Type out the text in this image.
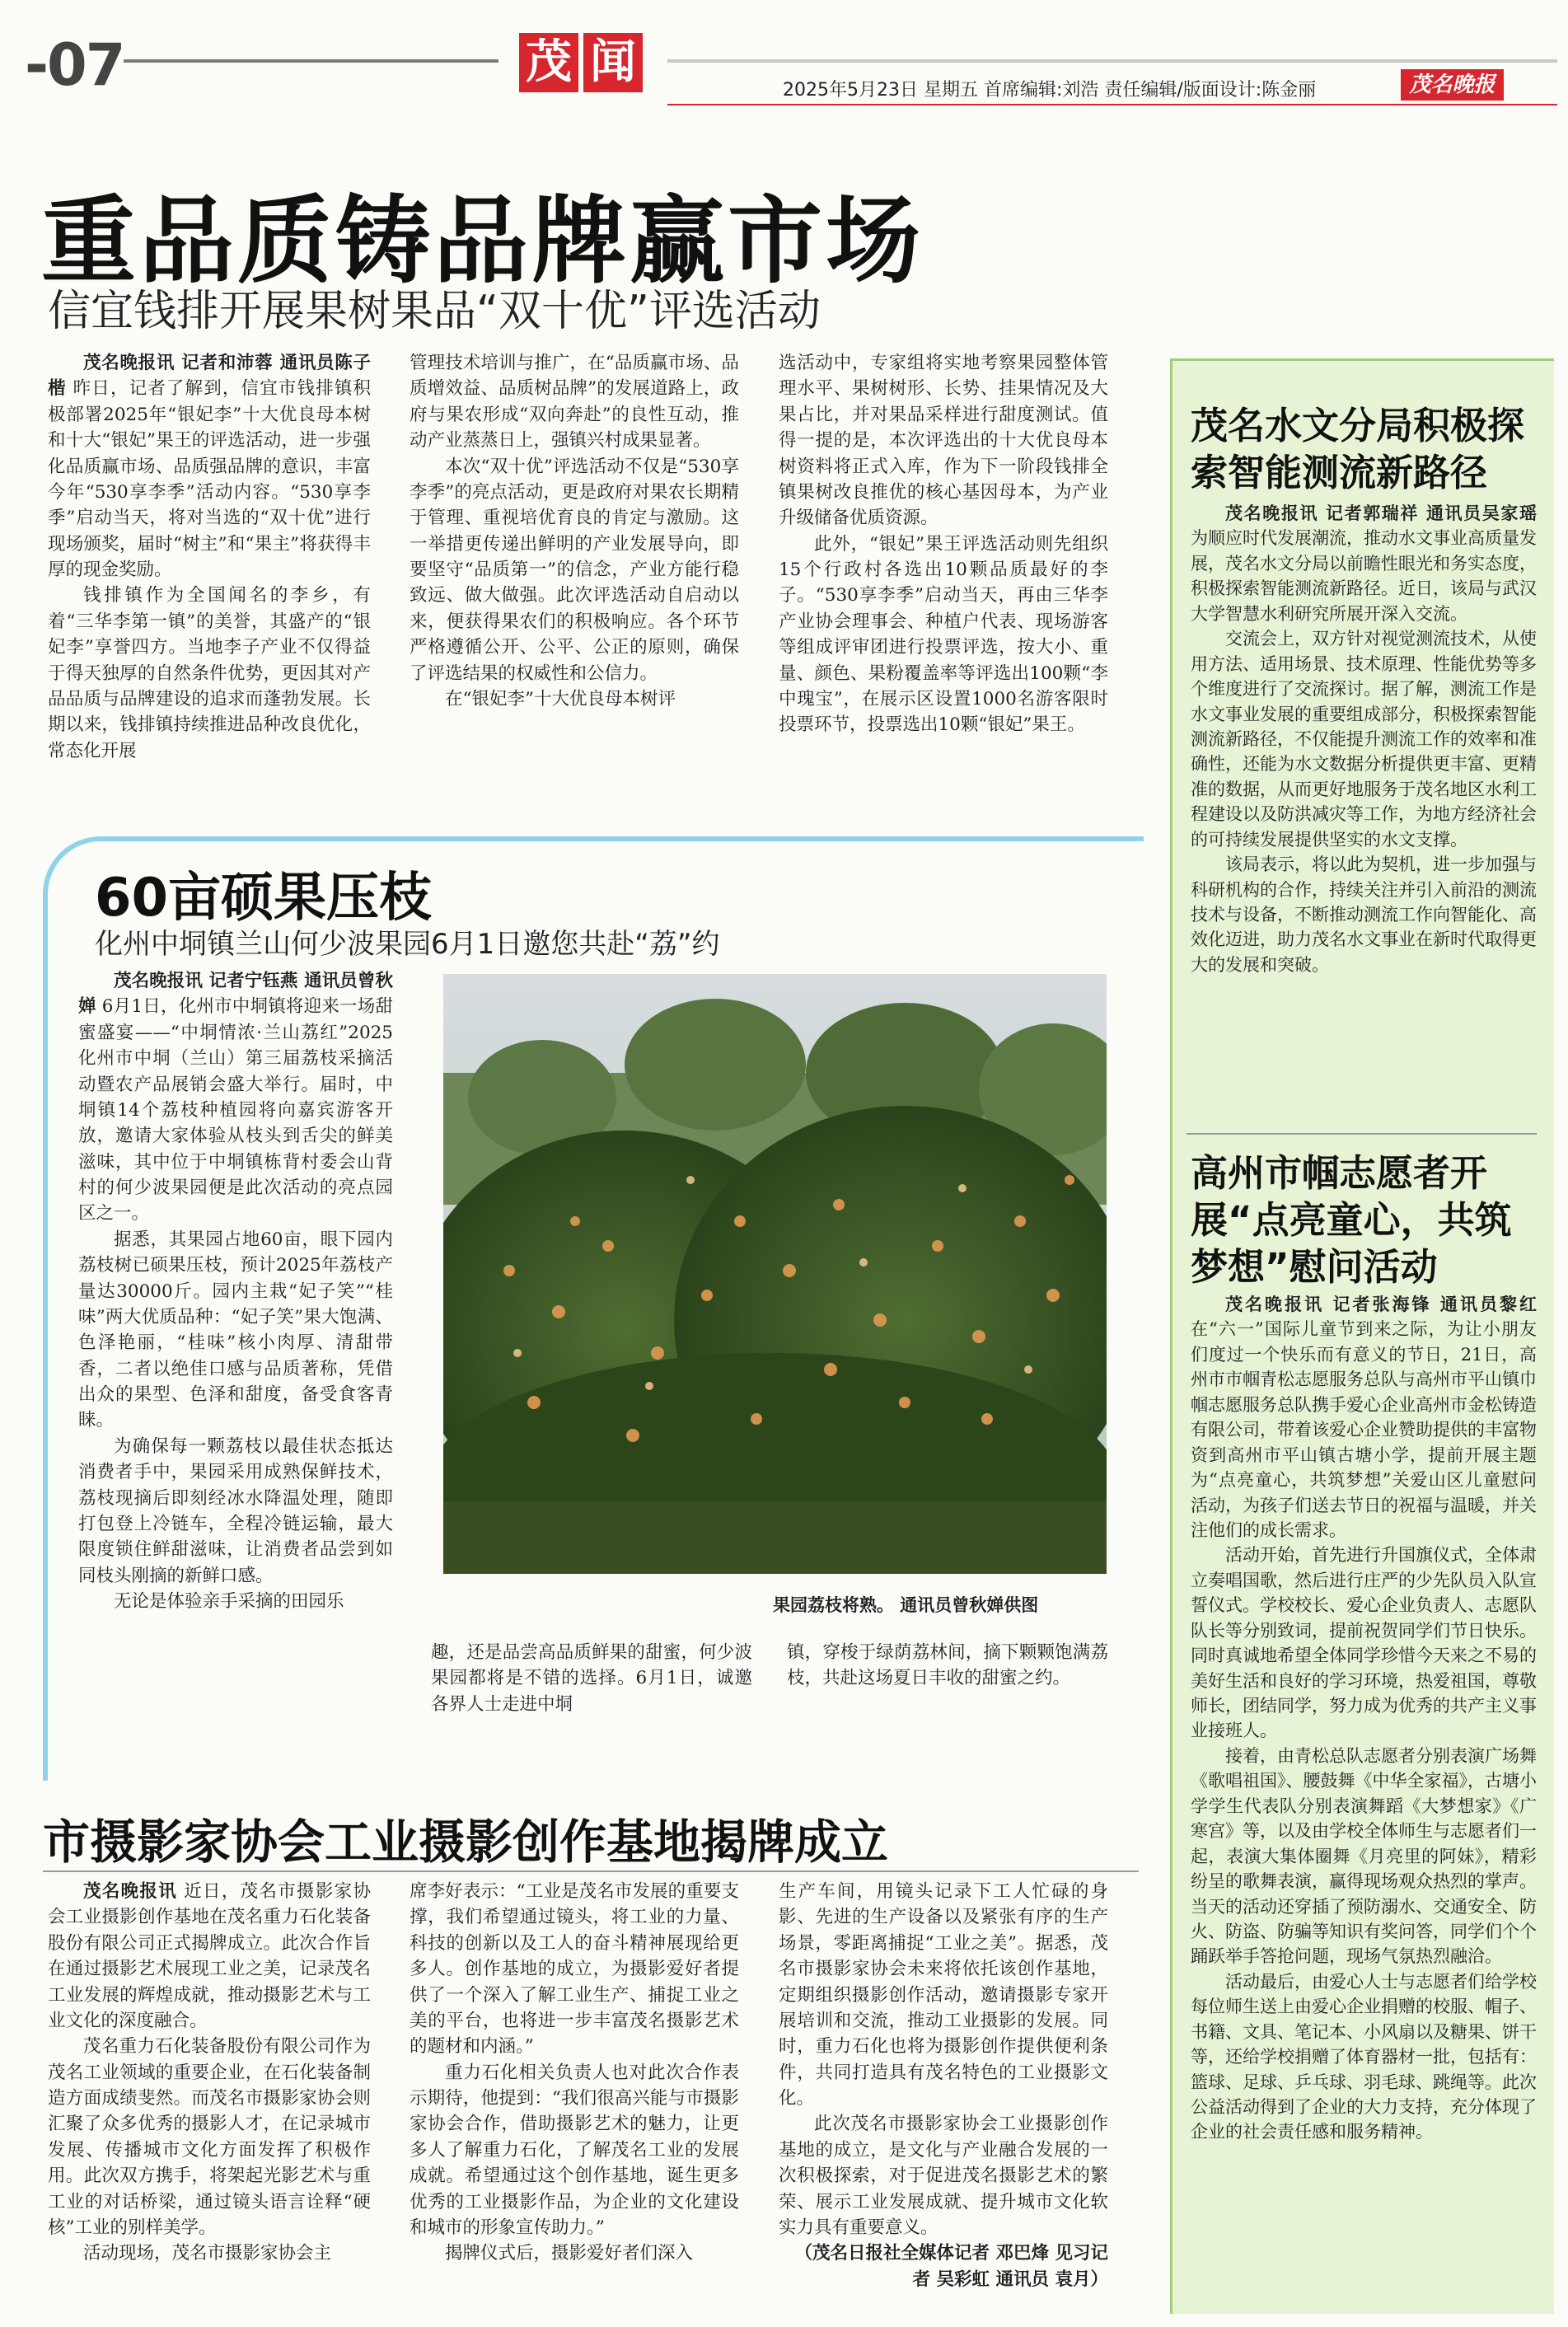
-07	茂 闻
2025年5月23日 星期五 首席编辑:刘浩 责任编辑/版面设计:陈金丽	茂名晚报
重品质铸品牌赢市场
信宜钱排开展果树果品“双十优”评选活动

茂名晚报讯 记者和沛蓉 通讯员陈子楷 昨日，记者了解到，信宜市钱排镇积极部署2025年“银妃李”十大优良母本树和十大“银妃”果王的评选活动，进一步强化品质赢市场、品质强品牌的意识，丰富今年“530享李季”活动内容。“530享李季”启动当天，将对当选的“双十优”进行现场颁奖，届时“树主”和“果主”将获得丰厚的现金奖励。

钱排镇作为全国闻名的李乡，有着“三华李第一镇”的美誉，其盛产的“银妃李”享誉四方。当地李子产业不仅得益于得天独厚的自然条件优势，更因其对产品品质与品牌建设的追求而蓬勃发展。长期以来，钱排镇持续推进品种改良优化，常态化开展

管理技术培训与推广，在“品质赢市场、品质增效益、品质树品牌”的发展道路上，政府与果农形成“双向奔赴”的良性互动，推动产业蒸蒸日上，强镇兴村成果显著。

本次“双十优”评选活动不仅是“530享李季”的亮点活动，更是政府对果农长期精于管理、重视培优育良的肯定与激励。这一举措更传递出鲜明的产业发展导向，即要坚守“品质第一”的信念，产业方能行稳致远、做大做强。此次评选活动自启动以来，便获得果农们的积极响应。各个环节严格遵循公开、公平、公正的原则，确保了评选结果的权威性和公信力。

在“银妃李”十大优良母本树评

选活动中，专家组将实地考察果园整体管理水平、果树树形、长势、挂果情况及大果占比，并对果品采样进行甜度测试。值得一提的是，本次评选出的十大优良母本树资料将正式入库，作为下一阶段钱排全镇果树改良推优的核心基因母本，为产业升级储备优质资源。

此外，“银妃”果王评选活动则先组织15个行政村各选出10颗品质最好的李子。“530享李季”启动当天，再由三华李产业协会理事会、种植户代表、现场游客等组成评审团进行投票评选，按大小、重量、颜色、果粉覆盖率等评选出100颗“李中瑰宝”，在展示区设置1000名游客限时投票环节，投票选出10颗“银妃”果王。

茂名水文分局积极探索智能测流新路径

茂名晚报讯 记者郭瑞祥 通讯员吴家瑶 为顺应时代发展潮流，推动水文事业高质量发展，茂名水文分局以前瞻性眼光和务实态度，积极探索智能测流新路径。近日，该局与武汉大学智慧水利研究所展开深入交流。

交流会上，双方针对视觉测流技术，从使用方法、适用场景、技术原理、性能优势等多个维度进行了交流探讨。据了解，测流工作是水文事业发展的重要组成部分，积极探索智能测流新路径，不仅能提升测流工作的效率和准确性，还能为水文数据分析提供更丰富、更精准的数据，从而更好地服务于茂名地区水利工程建设以及防洪减灾等工作，为地方经济社会的可持续发展提供坚实的水文支撑。

该局表示，将以此为契机，进一步加强与科研机构的合作，持续关注并引入前沿的测流技术与设备，不断推动测流工作向智能化、高效化迈进，助力茂名水文事业在新时代取得更大的发展和突破。

高州市帼志愿者开展“点亮童心，共筑梦想”慰问活动

茂名晚报讯 记者张海锋 通讯员黎红 在“六一”国际儿童节到来之际，为让小朋友们度过一个快乐而有意义的节日，21日，高州市市帼青松志愿服务总队与高州市平山镇巾帼志愿服务总队携手爱心企业高州市金松铸造有限公司，带着该爱心企业赞助提供的丰富物资到高州市平山镇古塘小学，提前开展主题为“点亮童心，共筑梦想”关爱山区儿童慰问活动，为孩子们送去节日的祝福与温暖，并关注他们的成长需求。

活动开始，首先进行升国旗仪式，全体肃立奏唱国歌，然后进行庄严的少先队员入队宣誓仪式。学校校长、爱心企业负责人、志愿队队长等分别致词，提前祝贺同学们节日快乐。同时真诚地希望全体同学珍惜今天来之不易的美好生活和良好的学习环境，热爱祖国，尊敬师长，团结同学，努力成为优秀的共产主义事业接班人。

接着，由青松总队志愿者分别表演广场舞《歌唱祖国》、腰鼓舞《中华全家福》，古塘小学学生代表队分别表演舞蹈《大梦想家》《广寒宫》等，以及由学校全体师生与志愿者们一起，表演大集体圈舞《月亮里的阿妹》，精彩纷呈的歌舞表演，赢得现场观众热烈的掌声。当天的活动还穿插了预防溺水、交通安全、防火、防盗、防骗等知识有奖问答，同学们个个踊跃举手答抢问题，现场气氛热烈融洽。

活动最后，由爱心人士与志愿者们给学校每位师生送上由爱心企业捐赠的校服、帽子、书籍、文具、笔记本、小风扇以及糖果、饼干等，还给学校捐赠了体育器材一批，包括有：篮球、足球、乒乓球、羽毛球、跳绳等。此次公益活动得到了企业的大力支持，充分体现了企业的社会责任感和服务精神。

60亩硕果压枝
化州中垌镇兰山何少波果园6月1日邀您共赴“荔”约

茂名晚报讯 记者宁钰燕 通讯员曾秋婵 6月1日，化州市中垌镇将迎来一场甜蜜盛宴——“中垌情浓·兰山荔红”2025化州市中垌（兰山）第三届荔枝采摘活动暨农产品展销会盛大举行。届时，中垌镇14个荔枝种植园将向嘉宾游客开放，邀请大家体验从枝头到舌尖的鲜美滋味，其中位于中垌镇栋背村委会山背村的何少波果园便是此次活动的亮点园区之一。

据悉，其果园占地60亩，眼下园内荔枝树已硕果压枝，预计2025年荔枝产量达30000斤。园内主栽“妃子笑”“桂味”两大优质品种：“妃子笑”果大饱满、色泽艳丽，“桂味”核小肉厚、清甜带香，二者以绝佳口感与品质著称，凭借出众的果型、色泽和甜度，备受食客青睐。

为确保每一颗荔枝以最佳状态抵达消费者手中，果园采用成熟保鲜技术，荔枝现摘后即刻经冰水降温处理，随即打包登上冷链车，全程冷链运输，最大限度锁住鲜甜滋味，让消费者品尝到如同枝头刚摘的新鲜口感。

无论是体验亲手采摘的田园乐	果园荔枝将熟。 通讯员曾秋婵供图

趣，还是品尝高品质鲜果的甜蜜，何少波果园都将是不错的选择。6月1日，诚邀各界人士走进中垌

镇，穿梭于绿荫荔林间，摘下颗颗饱满荔枝，共赴这场夏日丰收的甜蜜之约。

市摄影家协会工业摄影创作基地揭牌成立

茂名晚报讯 近日，茂名市摄影家协会工业摄影创作基地在茂名重力石化装备股份有限公司正式揭牌成立。此次合作旨在通过摄影艺术展现工业之美，记录茂名工业发展的辉煌成就，推动摄影艺术与工业文化的深度融合。

茂名重力石化装备股份有限公司作为茂名工业领域的重要企业，在石化装备制造方面成绩斐然。而茂名市摄影家协会则汇聚了众多优秀的摄影人才，在记录城市发展、传播城市文化方面发挥了积极作用。此次双方携手，将架起光影艺术与重工业的对话桥梁，通过镜头语言诠释“硬核”工业的别样美学。

活动现场，茂名市摄影家协会主

席李好表示：“工业是茂名市发展的重要支撑，我们希望通过镜头，将工业的力量、科技的创新以及工人的奋斗精神展现给更多人。创作基地的成立，为摄影爱好者提供了一个深入了解工业生产、捕捉工业之美的平台，也将进一步丰富茂名摄影艺术的题材和内涵。”

重力石化相关负责人也对此次合作表示期待，他提到：“我们很高兴能与市摄影家协会合作，借助摄影艺术的魅力，让更多人了解重力石化，了解茂名工业的发展成就。希望通过这个创作基地，诞生更多优秀的工业摄影作品，为企业的文化建设和城市的形象宣传助力。”

揭牌仪式后，摄影爱好者们深入

生产车间，用镜头记录下工人忙碌的身影、先进的生产设备以及紧张有序的生产场景，零距离捕捉“工业之美”。据悉，茂名市摄影家协会未来将依托该创作基地，定期组织摄影创作活动，邀请摄影专家开展培训和交流，推动工业摄影的发展。同时，重力石化也将为摄影创作提供便利条件，共同打造具有茂名特色的工业摄影文化。

此次茂名市摄影家协会工业摄影创作基地的成立，是文化与产业融合发展的一次积极探索，对于促进茂名摄影艺术的繁荣、展示工业发展成就、提升城市文化软实力具有重要意义。

（茂名日报社全媒体记者 邓巴烽 见习记者 吴彩虹 通讯员 袁月）
